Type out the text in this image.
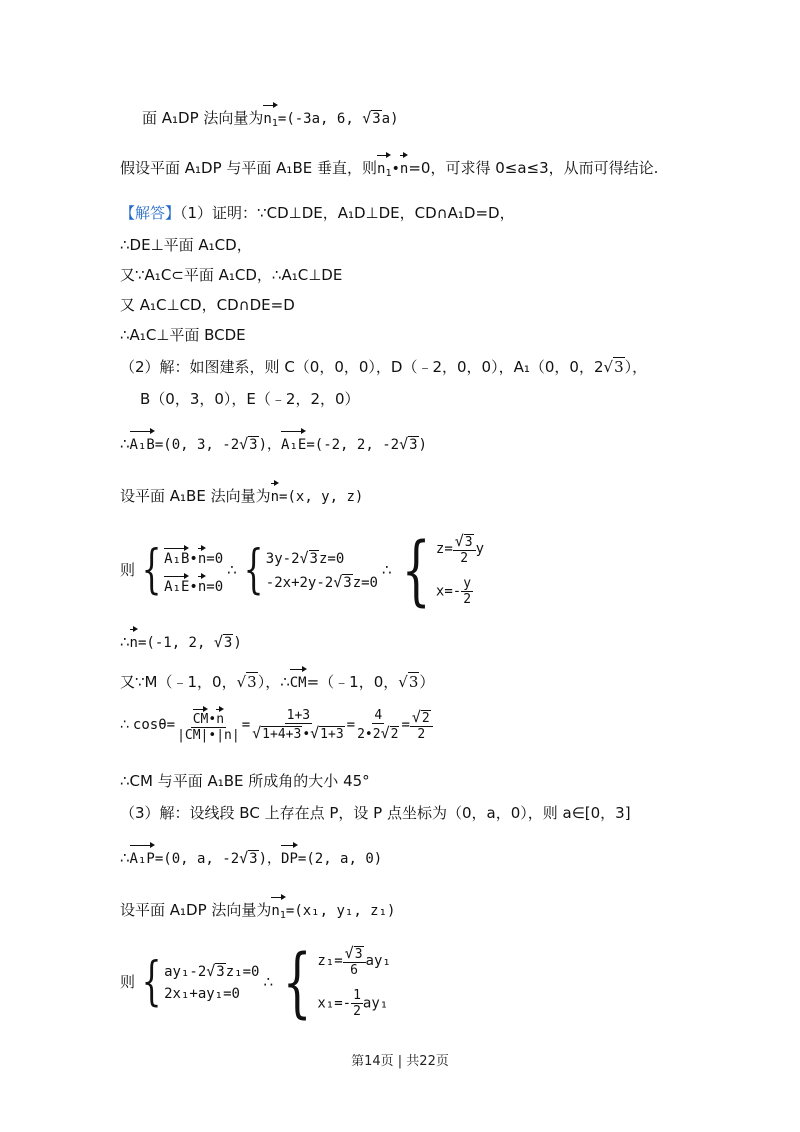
面 A₁DP 法向量为$n_1=(-3a$, 6, √3a)
假设平面 A₁DP 与平面 A₁BE 垂直，则$n_1•n=0$，可求得 0≤a≤3，从而可得结论.
【解答】（1）证明：∵CD⊥DE，A₁D⊥DE，CD∩A₁D=D，
∴DE⊥平面 A₁CD，
又∵A₁C⊂平面 A₁CD，∴A₁C⊥DE
又 A₁C⊥CD，CD∩DE=D
∴A₁C⊥平面 BCDE
（2）解：如图建系，则 C（0，0，0），D（﹣2，0，0），A₁（0，0，2√3），
B（0，3，0），E（﹣2，2，0）
∴A₁B=(0, 3, -2√3)，A₁E=(-2, 2, -2√3)
设平面 A₁BE 法向量为n=(x, y, z)
则 { A₁B•n=0
A₁E•n=0
∴ { 3y-2√3z=0
-2x+2y-2√3z=0
∴ { $z= \frac{√3}{2}$ y
$x=- \frac{y}{2}$
∴n=(-1, 2, √3)
又∵M（﹣1，0，√3），∴CM=（﹣1，0，√3）
∴ $\cos\theta= \frac{CM•n}{|CM|•|n|} = \frac{1+3}{√1+4+3•√1+3} = \frac{4}{2•2√2} = \frac{√2}{2}$
∴CM 与平面 A₁BE 所成角的大小 45°
（3）解：设线段 BC 上存在点 P，设 P 点坐标为（0，a，0），则 a∈[0，3]
∴A₁P=(0, a, -2√3)，DP=(2, a, 0)
设平面 A₁DP 法向量为$n_1=(x_1$, y₁, z₁)
则 { ay₁-2√3z₁=0
2x₁+ay₁=0
∴ { $z_1= \frac{√3}{6} ay_1$
$x_1=- \frac{1}{2} ay_1$
第14页 | 共22页
